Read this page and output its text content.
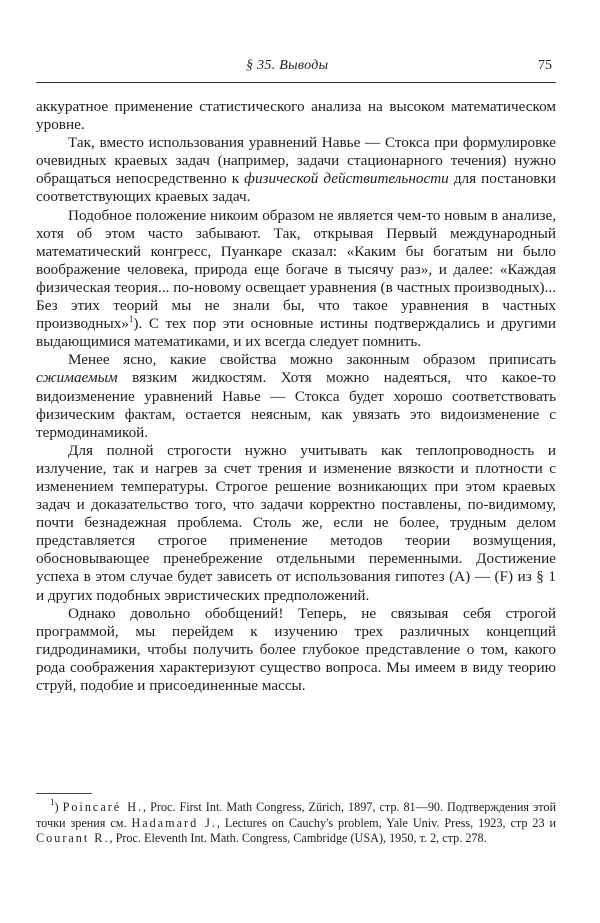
§ 35. Выводы	75

аккуратное применение статистического анализа на высоком математическом уровне.

Так, вместо использования уравнений Навье — Стокса при формулировке очевидных краевых задач (например, задачи стационарного течения) нужно обращаться непосредственно к физической действительности для постановки соответствующих краевых задач.

Подобное положение никоим образом не является чем-то новым в анализе, хотя об этом часто забывают. Так, открывая Первый международный математический конгресс, Пуанкаре сказал: «Каким бы богатым ни было воображение человека, природа еще богаче в тысячу раз», и далее: «Каждая физическая теория... по-новому освещает уравнения (в частных производных)... Без этих теорий мы не знали бы, что такое уравнения в частных производных»$^1$). С тех пор эти основные истины подтверждались и другими выдающимися математиками, и их всегда следует помнить.

Менее ясно, какие свойства можно законным образом приписать сжимаемым вязким жидкостям. Хотя можно надеяться, что какое-то видоизменение уравнений Навье — Стокса будет хорошо соответствовать физическим фактам, остается неясным, как увязать это видоизменение с термодинамикой.

Для полной строгости нужно учитывать как теплопроводность и излучение, так и нагрев за счет трения и изменение вязкости и плотности с изменением температуры. Строгое решение возникающих при этом краевых задач и доказательство того, что задачи корректно поставлены, по-видимому, почти безнадежная проблема. Столь же, если не более, трудным делом представляется строгое применение методов теории возмущения, обосновывающее пренебрежение отдельными переменными. Достижение успеха в этом случае будет зависеть от использования гипотез (A) — (F) из § 1 и других подобных эвристических предположений.

Однако довольно обобщений! Теперь, не связывая себя строгой программой, мы перейдем к изучению трех различных концепций гидродинамики, чтобы получить более глубокое представление о том, какого рода соображения характеризуют существо вопроса. Мы имеем в виду теорию струй, подобие и присоединенные массы.

$^1$) Poincaré H., Proc. First Int. Math Congress, Zürich, 1897, стр. 81—90. Подтверждения этой точки зрения см. Hadamard J., Lectures on Cauchy's problem, Yale Univ. Press, 1923, стр 23 и Courant R., Proc. Eleventh Int. Math. Congress, Cambridge (USA), 1950, т. 2, стр. 278.
